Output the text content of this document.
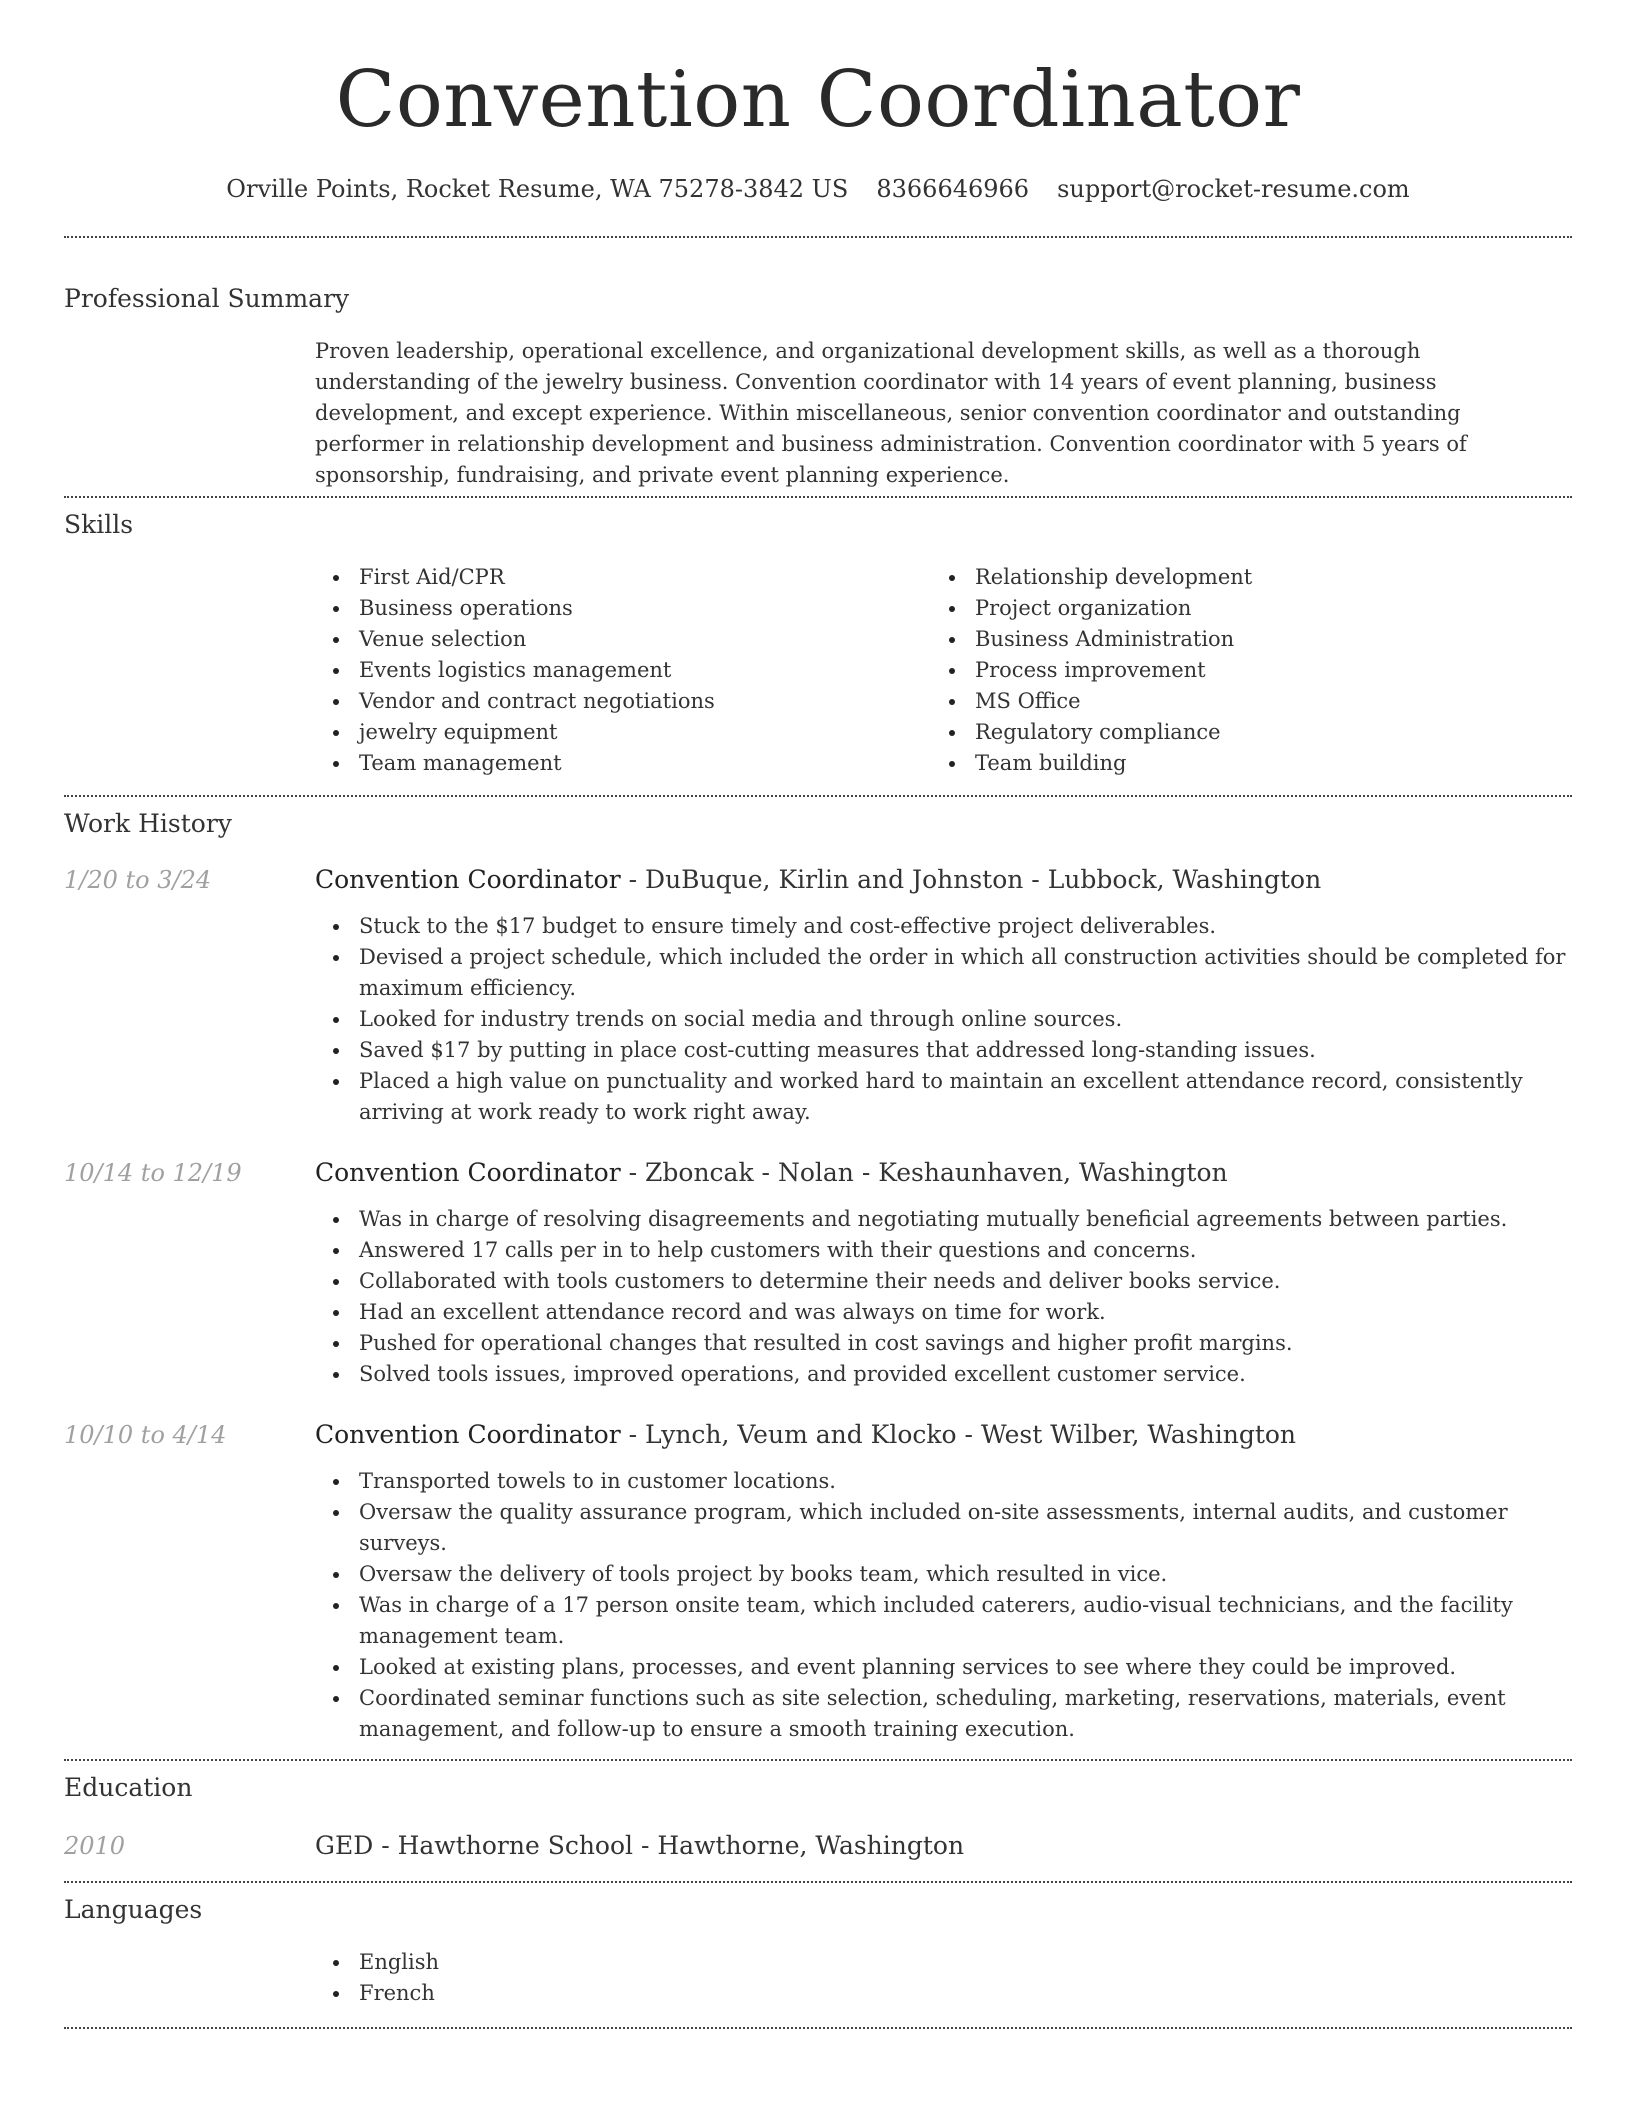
Convention Coordinator
Orville Points, Rocket Resume, WA 75278-3842 US 8366646966 support@rocket-resume.com
Professional Summary
Proven leadership, operational excellence, and organizational development skills, as well as a thorough understanding of the jewelry business. Convention coordinator with 14 years of event planning, business development, and except experience. Within miscellaneous, senior convention coordinator and outstanding performer in relationship development and business administration. Convention coordinator with 5 years of sponsorship, fundraising, and private event planning experience.
Skills
First Aid/CPR
Business operations
Venue selection
Events logistics management
Vendor and contract negotiations
jewelry equipment
Team management
Relationship development
Project organization
Business Administration
Process improvement
MS Office
Regulatory compliance
Team building
Work History
1/20 to 3/24	Convention Coordinator - DuBuque, Kirlin and Johnston - Lubbock, Washington
Stuck to the $17 budget to ensure timely and cost-effective project deliverables.
Devised a project schedule, which included the order in which all construction activities should be completed for maximum efficiency.
Looked for industry trends on social media and through online sources.
Saved $17 by putting in place cost-cutting measures that addressed long-standing issues.
Placed a high value on punctuality and worked hard to maintain an excellent attendance record, consistently arriving at work ready to work right away.
10/14 to 12/19	Convention Coordinator - Zboncak - Nolan - Keshaunhaven, Washington
Was in charge of resolving disagreements and negotiating mutually beneficial agreements between parties.
Answered 17 calls per in to help customers with their questions and concerns.
Collaborated with tools customers to determine their needs and deliver books service.
Had an excellent attendance record and was always on time for work.
Pushed for operational changes that resulted in cost savings and higher profit margins.
Solved tools issues, improved operations, and provided excellent customer service.
10/10 to 4/14	Convention Coordinator - Lynch, Veum and Klocko - West Wilber, Washington
Transported towels to in customer locations.
Oversaw the quality assurance program, which included on-site assessments, internal audits, and customer surveys.
Oversaw the delivery of tools project by books team, which resulted in vice.
Was in charge of a 17 person onsite team, which included caterers, audio-visual technicians, and the facility management team.
Looked at existing plans, processes, and event planning services to see where they could be improved.
Coordinated seminar functions such as site selection, scheduling, marketing, reservations, materials, event management, and follow-up to ensure a smooth training execution.
Education
2010	GED - Hawthorne School - Hawthorne, Washington
Languages
English
French
